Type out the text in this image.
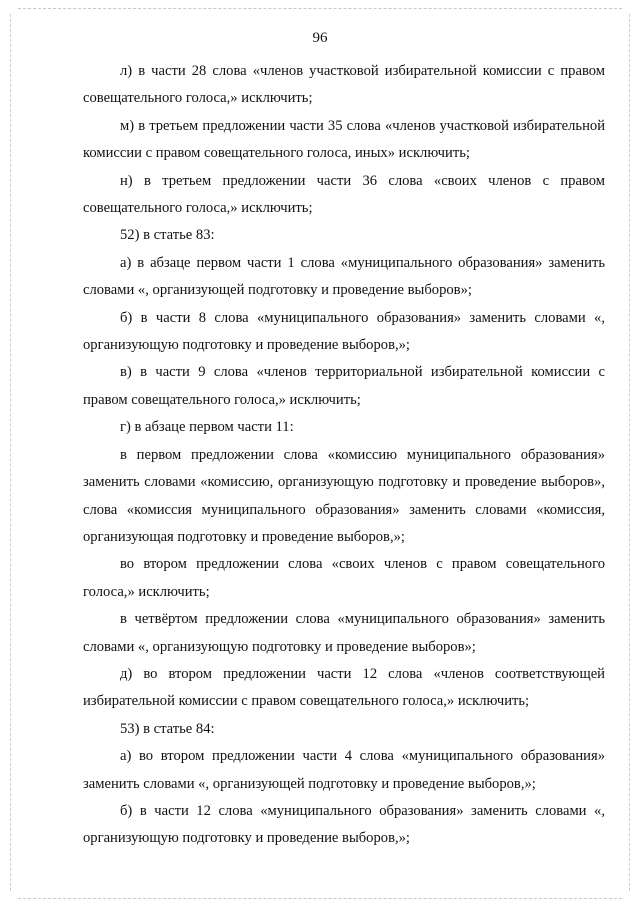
96

л) в части 28 слова «членов участковой избирательной комиссии с правом совещательного голоса,» исключить;

м) в третьем предложении части 35 слова «членов участковой избирательной комиссии с правом совещательного голоса, иных» исключить;

н) в третьем предложении части 36 слова «своих членов с правом совещательного голоса,» исключить;

52) в статье 83:

а) в абзаце первом части 1 слова «муниципального образования» заменить словами «, организующей подготовку и проведение выборов»;

б) в части 8 слова «муниципального образования» заменить словами «, организующую подготовку и проведение выборов,»;

в) в части 9 слова «членов территориальной избирательной комиссии с правом совещательного голоса,» исключить;

г) в абзаце первом части 11:

в первом предложении слова «комиссию муниципального образования» заменить словами «комиссию, организующую подготовку и проведение выборов», слова «комиссия муниципального образования» заменить словами «комиссия, организующая подготовку и проведение выборов,»;

во втором предложении слова «своих членов с правом совещательного голоса,» исключить;

в четвёртом предложении слова «муниципального образования» заменить словами «, организующую подготовку и проведение выборов»;

д) во втором предложении части 12 слова «членов соответствующей избирательной комиссии с правом совещательного голоса,» исключить;

53) в статье 84:

а) во втором предложении части 4 слова «муниципального образования» заменить словами «, организующей подготовку и проведение выборов,»;

б) в части 12 слова «муниципального образования» заменить словами «, организующую подготовку и проведение выборов,»;
